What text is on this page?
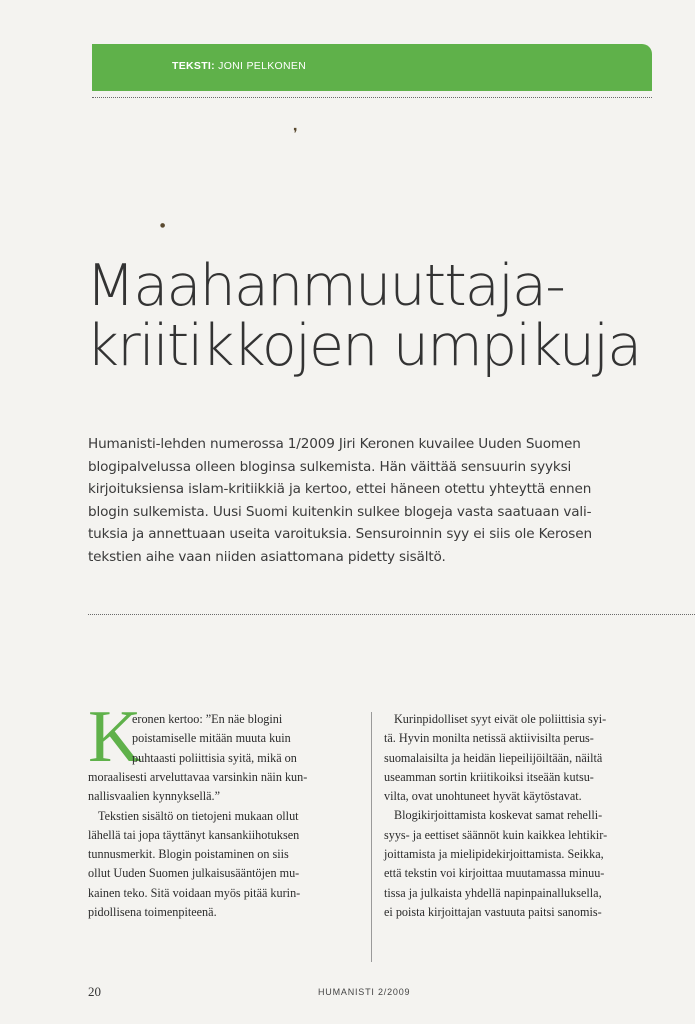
TEKSTI: JONI PELKONEN
❜
●
Maahanmuuttaja-
kriitikkojen umpikuja
Humanisti-lehden numerossa 1/2009 Jiri Keronen kuvailee Uuden Suomen
blogipalvelussa olleen bloginsa sulkemista. Hän väittää sensuurin syyksi
kirjoituksiensa islam-kritiikkiä ja kertoo, ettei häneen otettu yhteyttä ennen
blogin sulkemista. Uusi Suomi kuitenkin sulkee blogeja vasta saatuaan vali-
tuksia ja annettuaan useita varoituksia. Sensuroinnin syy ei siis ole Kerosen
tekstien aihe vaan niiden asiattomana pidetty sisältö.
K
eronen kertoo: ”En näe blogini
poistamiselle mitään muuta kuin
puhtaasti poliittisia syitä, mikä on
moraalisesti arveluttavaa varsinkin näin kun-
nallisvaalien kynnyksellä.”
Tekstien sisältö on tietojeni mukaan ollut
lähellä tai jopa täyttänyt kansankiihotuksen
tunnusmerkit. Blogin poistaminen on siis
ollut Uuden Suomen julkaisusääntöjen mu-
kainen teko. Sitä voidaan myös pitää kurin-
pidollisena toimenpiteenä.
Kurinpidolliset syyt eivät ole poliittisia syi-
tä. Hyvin monilta netissä aktiivisilta perus-
suomalaisilta ja heidän liepeilijöiltään, näiltä
useamman sortin kriitikoiksi itseään kutsu-
vilta, ovat unohtuneet hyvät käytöstavat.
Blogikirjoittamista koskevat samat rehelli-
syys- ja eettiset säännöt kuin kaikkea lehtikir-
joittamista ja mielipidekirjoittamista. Seikka,
että tekstin voi kirjoittaa muutamassa minuu-
tissa ja julkaista yhdellä napinpainalluksella,
ei poista kirjoittajan vastuuta paitsi sanomis-
20	HUMANISTI 2/2009
